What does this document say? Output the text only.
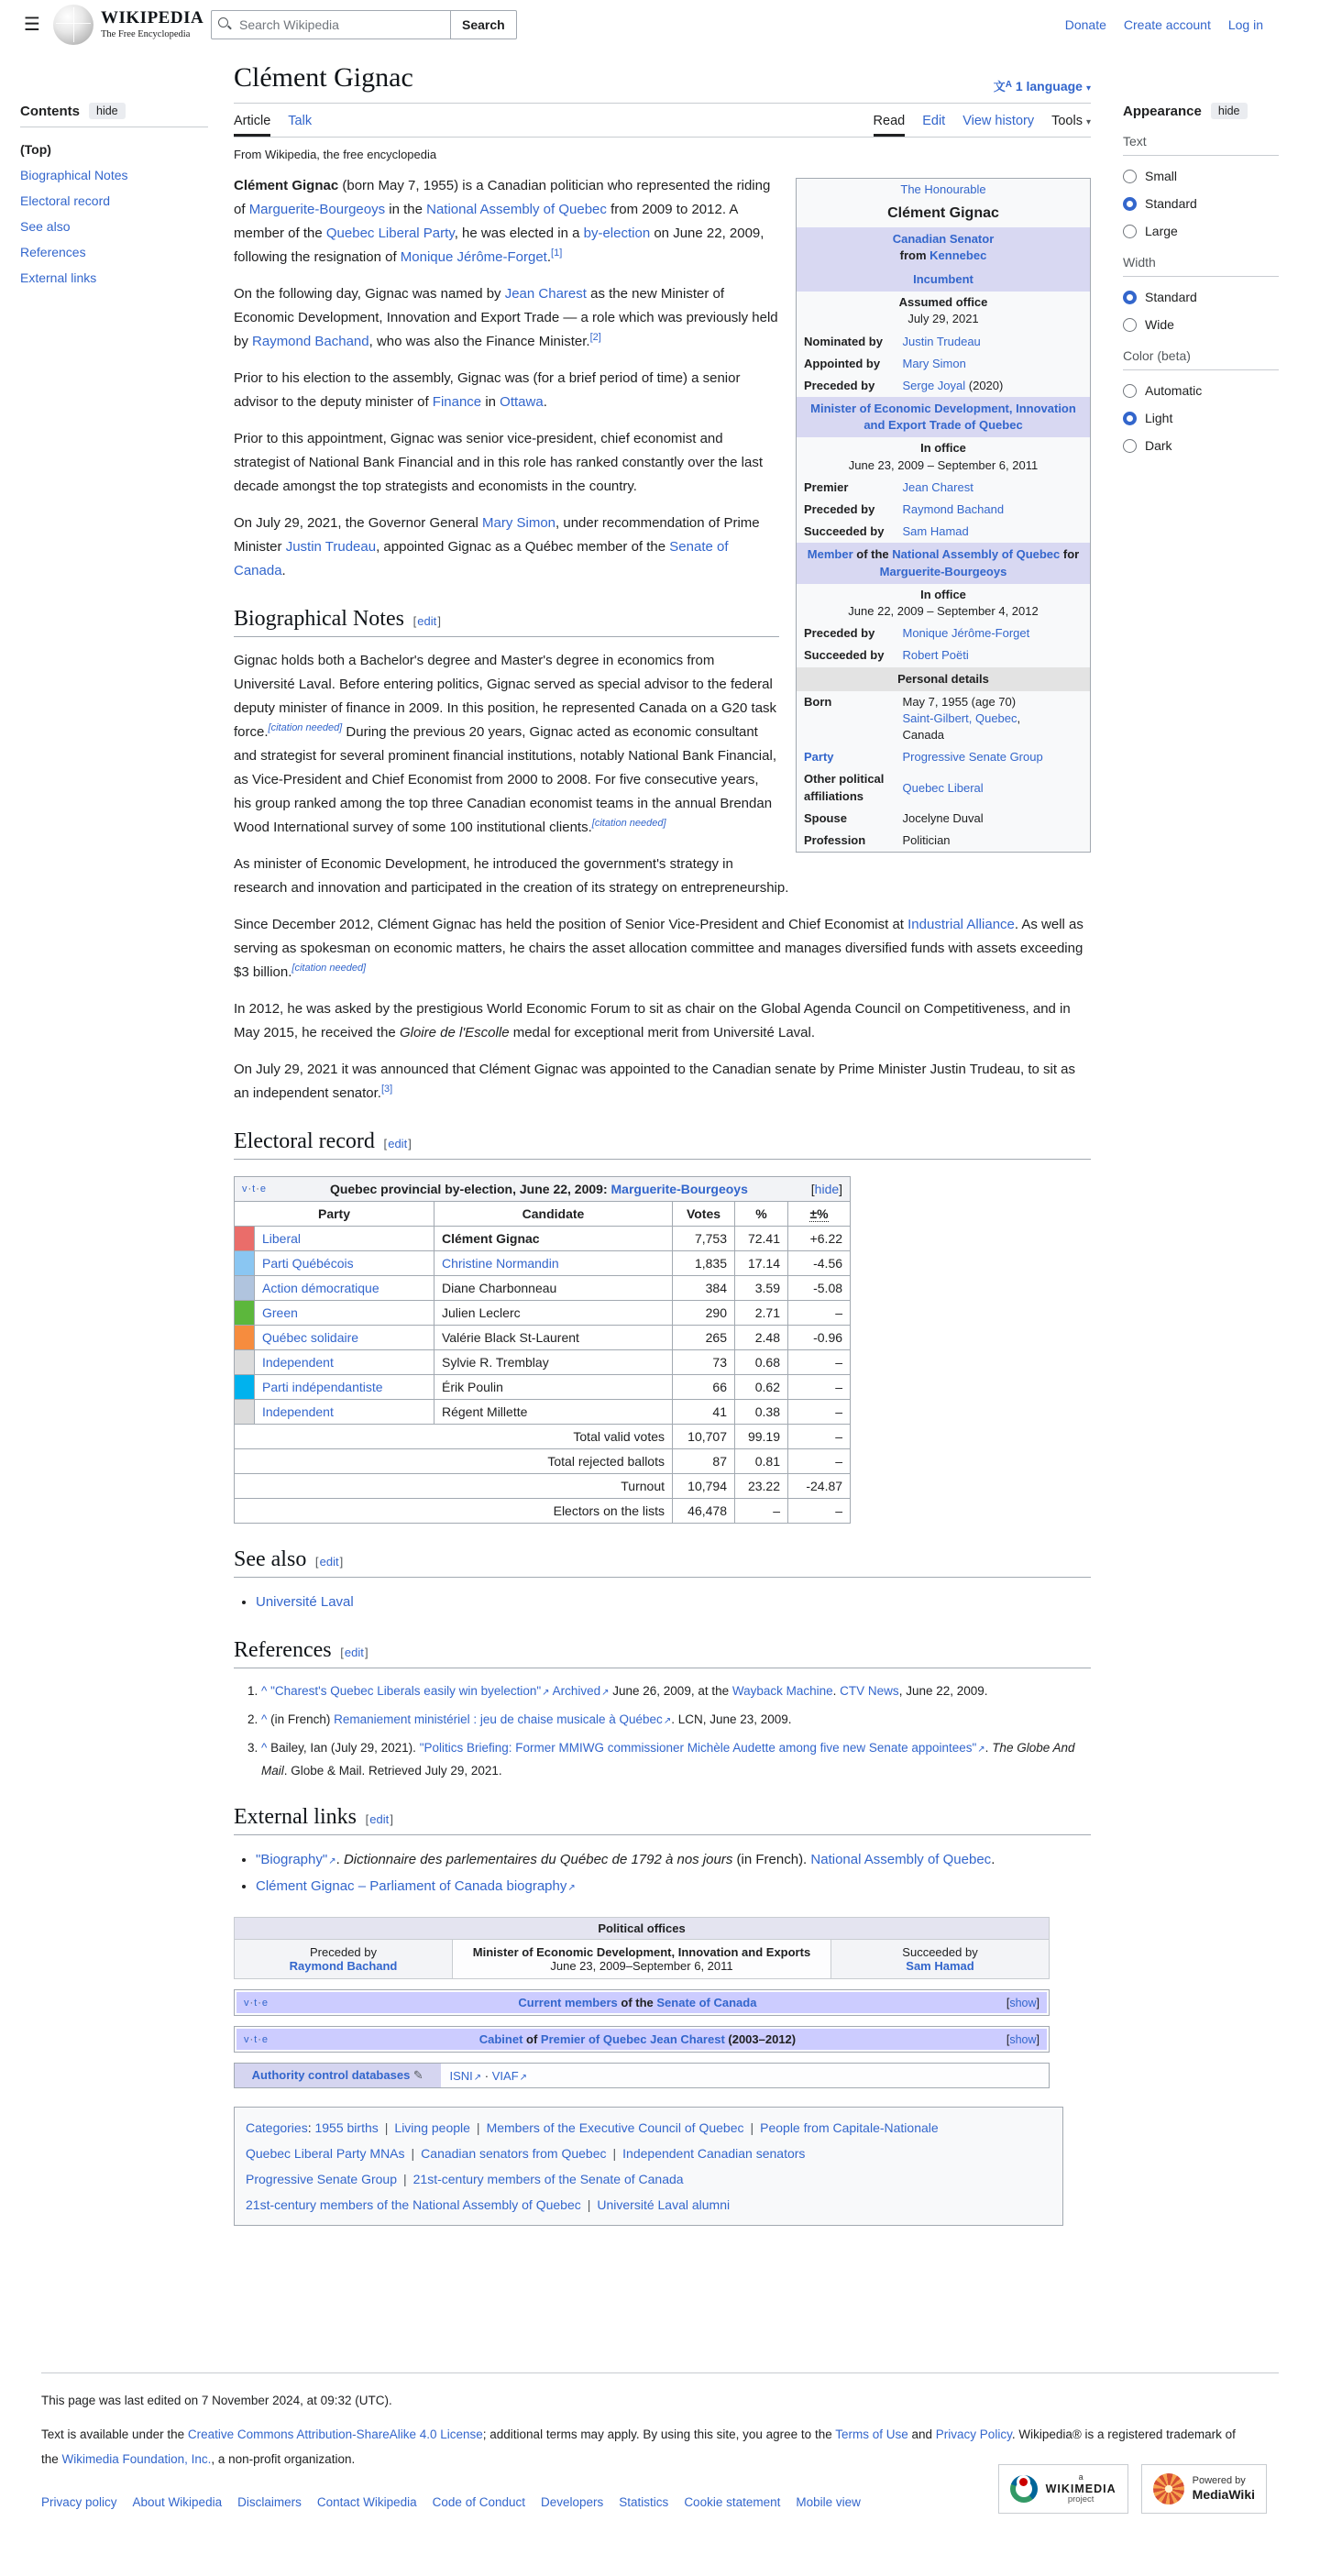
☰	WIKIPEDIA
The Free Encyclopedia
Search Wikipedia
Search	Donate Create account Log in
Contents	hide
(Top)
Biographical Notes
Electoral record
See also
References
External links
Appearance	hide
Text
Small
Standard
Large
Width
Standard
Wide
Color (beta)
Automatic
Light
Dark
Clément Gignac	文$^A$ 1 language ▾
Article Talk	Read Edit View history Tools ▾
From Wikipedia, the free encyclopedia
The Honourable	

Clément Gignac	

Canadian Senator
from Kennebec	

Incumbent	

Assumed office
July 29, 2021	

Nominated by	Justin Trudeau

Appointed by	Mary Simon

Preceded by	Serge Joyal (2020)

Minister of Economic Development, Innovation and Export Trade of Quebec	

In office
June 23, 2009 – September 6, 2011	

Premier	Jean Charest

Preceded by	Raymond Bachand

Succeeded by	Sam Hamad

Member of the National Assembly of Quebec for Marguerite-Bourgeoys	

In office
June 22, 2009 – September 4, 2012	

Preceded by	Monique Jérôme-Forget

Succeeded by	Robert Poëti

Personal details	

Born	May 7, 1955 (age 70)
Saint-Gilbert, Quebec,
Canada

Party	Progressive Senate Group

Other political affiliations	Quebec Liberal

Spouse	Jocelyne Duval

Profession	Politician

Clément Gignac (born May 7, 1955) is a Canadian politician who represented the riding of Marguerite-Bourgeoys in the National Assembly of Quebec from 2009 to 2012. A member of the Quebec Liberal Party, he was elected in a by-election on June 22, 2009, following the resignation of Monique Jérôme-Forget.[1]

On the following day, Gignac was named by Jean Charest as the new Minister of Economic Development, Innovation and Export Trade — a role which was previously held by Raymond Bachand, who was also the Finance Minister.[2]

Prior to his election to the assembly, Gignac was (for a brief period of time) a senior advisor to the deputy minister of Finance in Ottawa.

Prior to this appointment, Gignac was senior vice-president, chief economist and strategist of National Bank Financial and in this role has ranked constantly over the last decade amongst the top strategists and economists in the country.

On July 29, 2021, the Governor General Mary Simon, under recommendation of Prime Minister Justin Trudeau, appointed Gignac as a Québec member of the Senate of Canada.

Biographical Notes  [ edit ]

Gignac holds both a Bachelor's degree and Master's degree in economics from Université Laval. Before entering politics, Gignac served as special advisor to the federal deputy minister of finance in 2009. In this position, he represented Canada on a G20 task force.[citation needed] During the previous 20 years, Gignac acted as economic consultant and strategist for several prominent financial institutions, notably National Bank Financial, as Vice-President and Chief Economist from 2000 to 2008. For five consecutive years, his group ranked among the top three Canadian economist teams in the annual Brendan Wood International survey of some 100 institutional clients.[citation needed]

As minister of Economic Development, he introduced the government's strategy in research and innovation and participated in the creation of its strategy on entrepreneurship.

Since December 2012, Clément Gignac has held the position of Senior Vice-President and Chief Economist at Industrial Alliance. As well as serving as spokesman on economic matters, he chairs the asset allocation committee and manages diversified funds with assets exceeding $3 billion.[citation needed]

In 2012, he was asked by the prestigious World Economic Forum to sit as chair on the Global Agenda Council on Competitiveness, and in May 2015, he received the Gloire de l'Escolle medal for exceptional merit from Université Laval.

On July 29, 2021 it was announced that Clément Gignac was appointed to the Canadian senate by Prime Minister Justin Trudeau, to sit as an independent senator.[3]

Electoral record  [ edit ]
v·t·e Quebec provincial by-election, June 22, 2009: Marguerite-Bourgeoys [hide]					

Party		Candidate	Votes	%	±%
	Liberal	Clément Gignac	7,753	72.41	+6.22
	Parti Québécois	Christine Normandin	1,835	17.14	-4.56
	Action démocratique	Diane Charbonneau	384	3.59	-5.08
	Green	Julien Leclerc	290	2.71	–
	Québec solidaire	Valérie Black St-Laurent	265	2.48	-0.96
	Independent	Sylvie R. Tremblay	73	0.68	–
	Parti indépendantiste	Érik Poulin	66	0.62	–
	Independent	Régent Millette	41	0.38	–
Total valid votes			10,707	99.19	–
Total rejected ballots			87	0.81	–
Turnout			10,794	23.22	-24.87
Electors on the lists			46,478	–	–
See also  [ edit ]
• Université Laval
References  [ edit ]
1. ^ "Charest's Quebec Liberals easily win byelection"↗ Archived↗ June 26, 2009, at the Wayback Machine. CTV News, June 22, 2009.
2. ^ (in French) Remaniement ministériel : jeu de chaise musicale à Québec↗. LCN, June 23, 2009.
3. ^ Bailey, Ian (July 29, 2021). "Politics Briefing: Former MMIWG commissioner Michèle Audette among five new Senate appointees"↗. The Globe And Mail. Globe & Mail. Retrieved July 29, 2021.
External links  [ edit ]
• "Biography"↗. Dictionnaire des parlementaires du Québec de 1792 à nos jours (in French). National Assembly of Quebec.
• Clément Gignac – Parliament of Canada biography↗
Political offices

Preceded by
Raymond Bachand

Minister of Economic Development, Innovation and Exports
June 23, 2009–September 6, 2011

Succeeded by
Sam Hamad
v·t·e	Current members of the Senate of Canada	[show]
v·t·e	Cabinet of Premier of Quebec Jean Charest (2003–2012)	[show]
Authority control databases ✎	ISNI↗ · VIAF↗
Categories: 1955 births | Living people | Members of the Executive Council of Quebec | People from Capitale-Nationale
Quebec Liberal Party MNAs | Canadian senators from Quebec | Independent Canadian senators
Progressive Senate Group | 21st-century members of the Senate of Canada
21st-century members of the National Assembly of Quebec | Université Laval alumni
This page was last edited on 7 November 2024, at 09:32 (UTC).
Text is available under the Creative Commons Attribution-ShareAlike 4.0 License; additional terms may apply. By using this site, you agree to the Terms of Use and Privacy Policy. Wikipedia® is a registered trademark of the Wikimedia Foundation, Inc., a non-profit organization.
Privacy policy About Wikipedia Disclaimers Contact Wikipedia Code of Conduct Developers Statistics Cookie statement Mobile view
a
WIKIMEDIA
project
Powered by
MediaWiki
